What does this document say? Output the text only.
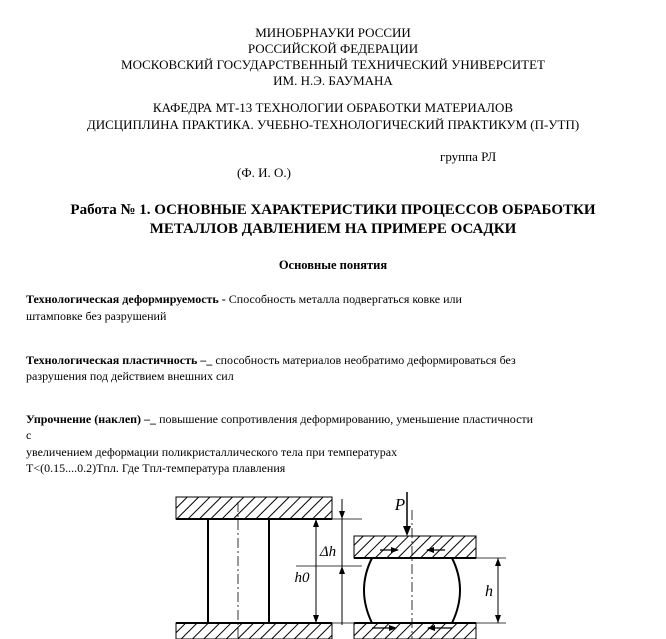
МИНОБРНАУКИ РОССИИ
РОССИЙСКОЙ ФЕДЕРАЦИИ
МОСКОВСКИЙ ГОСУДАРСТВЕННЫЙ ТЕХНИЧЕСКИЙ УНИВЕРСИТЕТ
ИМ. Н.Э. БАУМАНА
КАФЕДРА МТ-13 ТЕХНОЛОГИИ ОБРАБОТКИ МАТЕРИАЛОВ
ДИСЦИПЛИНА ПРАКТИКА. УЧЕБНО-ТЕХНОЛОГИЧЕСКИЙ ПРАКТИКУМ (П-УТП)
группа РЛ
(Ф. И. О.)
Работа № 1. ОСНОВНЫЕ ХАРАКТЕРИСТИКИ ПРОЦЕССОВ ОБРАБОТКИ
МЕТАЛЛОВ ДАВЛЕНИЕМ НА ПРИМЕРЕ ОСАДКИ
Основные понятия
Технологическая деформируемость - Способность металла подвергаться ковке или
штамповке без разрушений
Технологическая пластичность –_ способность материалов необратимо деформироваться без
разрушения под действием внешних сил
Упрочнение (наклеп) –_ повышение сопротивления деформированию, уменьшение пластичности
с
увеличением деформации поликристаллического тела при температурах
T<(0.15....0.2)Tпл. Где Tпл-температура плавления
Δh
h0
P
h
